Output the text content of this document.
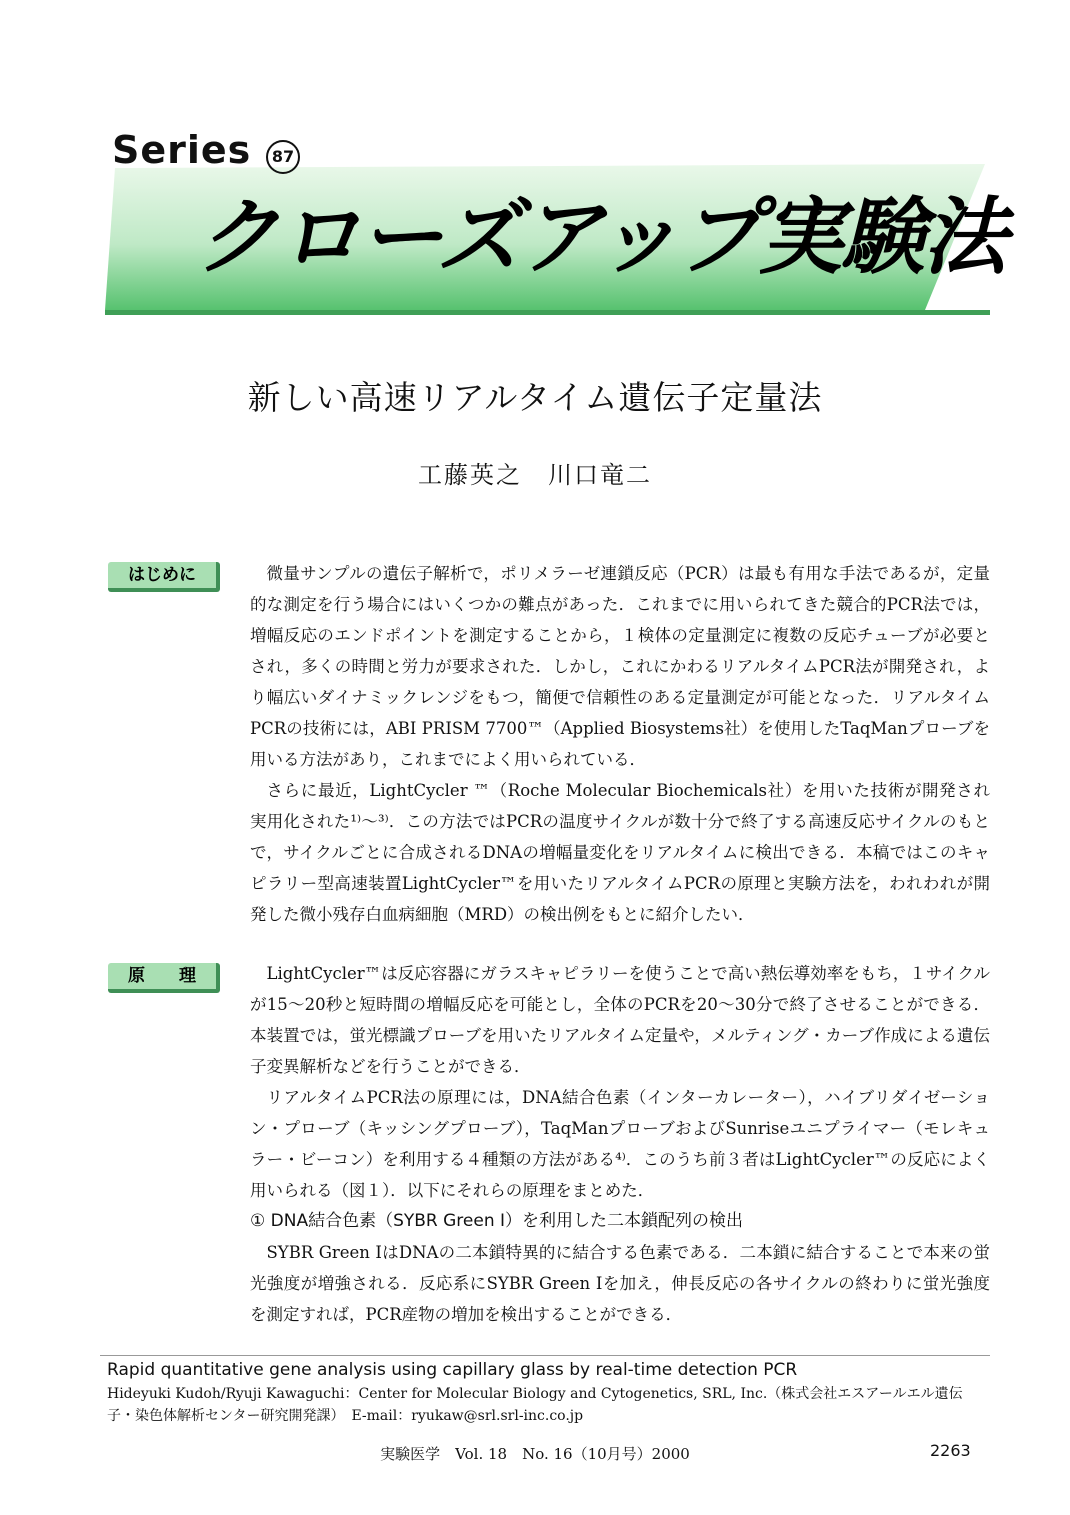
Series	87
クローズアップ実験法
新しい高速リアルタイム遺伝子定量法
工藤英之　川口竜二
はじめに	微量サンプルの遺伝子解析で，ポリメラーゼ連鎖反応（PCR）は最も有用な手法であるが，定量的な測定を行う場合にはいくつかの難点があった．これまでに用いられてきた競合的PCR法では，増幅反応のエンドポイントを測定することから，１検体の定量測定に複数の反応チューブが必要とされ，多くの時間と労力が要求された．しかし，これにかわるリアルタイムPCR法が開発され，より幅広いダイナミックレンジをもつ，簡便で信頼性のある定量測定が可能となった．リアルタイムPCRの技術には，ABI PRISM 7700™（Applied Biosystems社）を使用したTaqManプローブを用いる方法があり，これまでによく用いられている．

さらに最近，LightCycler ™（Roche Molecular Biochemicals社）を用いた技術が開発され実用化された¹⁾～³⁾．この方法ではPCRの温度サイクルが数十分で終了する高速反応サイクルのもとで，サイクルごとに合成されるDNAの増幅量変化をリアルタイムに検出できる．本稿ではこのキャピラリー型高速装置LightCycler™を用いたリアルタイムPCRの原理と実験方法を，われわれが開発した微小残存白血病細胞（MRD）の検出例をもとに紹介したい．

原　　理	LightCycler™は反応容器にガラスキャピラリーを使うことで高い熱伝導効率をもち，１サイクルが15～20秒と短時間の増幅反応を可能とし，全体のPCRを20～30分で終了させることができる．本装置では，蛍光標識プローブを用いたリアルタイム定量や，メルティング・カーブ作成による遺伝子変異解析などを行うことができる．

リアルタイムPCR法の原理には，DNA結合色素（インターカレーター），ハイブリダイゼーション・プローブ（キッシングプローブ），TaqManプローブおよびSunriseユニプライマー（モレキュラー・ビーコン）を利用する４種類の方法がある⁴⁾．このうち前３者はLightCycler™の反応によく用いられる（図１）．以下にそれらの原理をまとめた．

① DNA結合色素（SYBR Green Ⅰ）を利用した二本鎖配列の検出

SYBR Green ⅠはDNAの二本鎖特異的に結合する色素である．二本鎖に結合することで本来の蛍光強度が増強される．反応系にSYBR Green Ⅰを加え，伸長反応の各サイクルの終わりに蛍光強度を測定すれば，PCR産物の増加を検出することができる．

Rapid quantitative gene analysis using capillary glass by real-time detection PCR
Hideyuki Kudoh/Ryuji Kawaguchi：Center for Molecular Biology and Cytogenetics, SRL, Inc.（株式会社エスアールエル遺伝子・染色体解析センター研究開発課）　E-mail：ryukaw@srl.srl-inc.co.jp
実験医学　Vol. 18　No. 16（10月号）2000	2263
